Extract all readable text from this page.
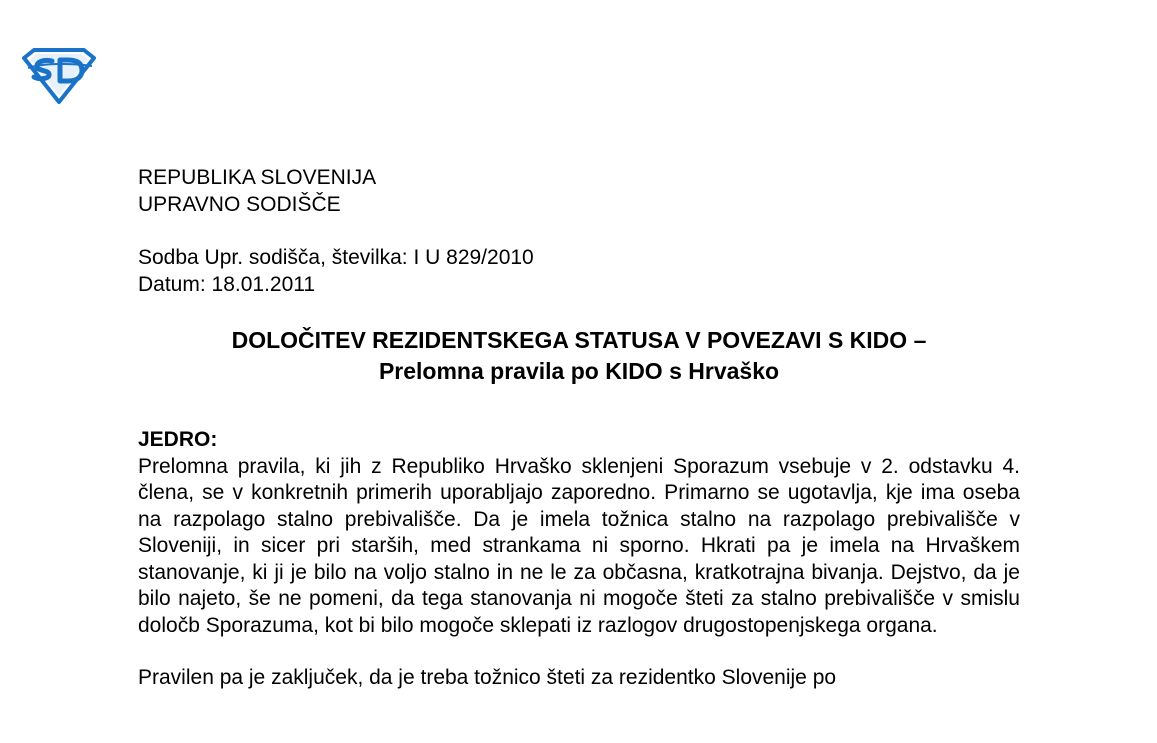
REPUBLIKA SLOVENIJA

UPRAVNO SODIŠČE

Sodba Upr. sodišča, številka: I U 829/2010

Datum: 18.01.2011

DOLOČITEV REZIDENTSKEGA STATUSA V POVEZAVI S KIDO –
Prelomna pravila po KIDO s Hrvaško
JEDRO:

Prelomna pravila, ki jih z Republiko Hrvaško sklenjeni Sporazum vsebuje v 2. odstavku 4. člena, se v konkretnih primerih uporabljajo zaporedno. Primarno se ugotavlja, kje ima oseba na razpolago stalno prebivališče. Da je imela tožnica stalno na razpolago prebivališče v Sloveniji, in sicer pri starših, med strankama ni sporno. Hkrati pa je imela na Hrvaškem stanovanje, ki ji je bilo na voljo stalno in ne le za občasna, kratkotrajna bivanja. Dejstvo, da je bilo najeto, še ne pomeni, da tega stanovanja ni mogoče šteti za stalno prebivališče v smislu določb Sporazuma, kot bi bilo mogoče sklepati iz razlogov drugostopenjskega organa.

Pravilen pa je zaključek, da je treba tožnico šteti za rezidentko Slovenije po
